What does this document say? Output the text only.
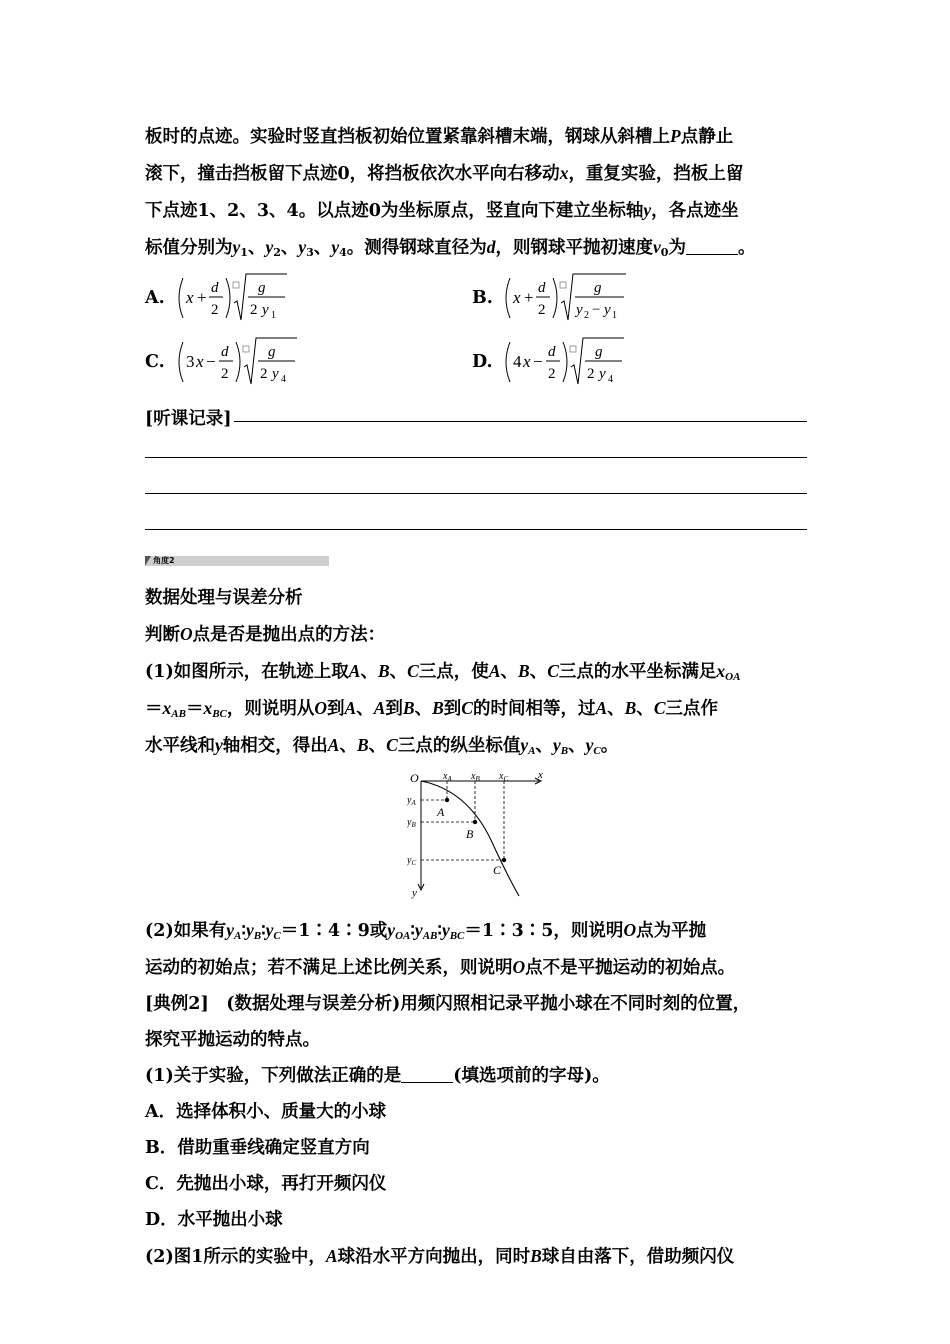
板时的点迹。实验时竖直挡板初始位置紧靠斜槽末端，钢球从斜槽上P点静止

滚下，撞击挡板留下点迹0，将挡板依次水平向右移动x，重复实验，挡板上留

下点迹1、2、3、4。以点迹0为坐标原点，竖直向下建立坐标轴y，各点迹坐

标值分别为$y_1$、$y_2$、$y_3$、$y_4$。测得钢球直径为d，则钢球平抛初速度$v_0$为	。

A.	x + d
2
g
2 y 1
B.	x + d
2
g
y 2 − y 1
C.	3 x − d
2
g
2 y 4
D.	4 x − d
2
g
2 y 4
[听课记录]
角度2

数据处理与误差分析

判断O点是否是抛出点的方法：

(1)如图所示，在轨迹上取A、B、C三点，使A、B、C三点的水平坐标满足$x_{OA}$

$=x_{AB}=x_{BC}$，则说明从O到A、A到B、B到C的时间相等，过A、B、C三点作

水平线和y轴相交，得出A、B、C三点的纵坐标值$y_A$、$y_B$、$y_C$。

O	x
y
$x_A$ $x_B$ $x_C$
$y_A$
$y_B$
$y_C$
A
B
C

(2)如果有$y_A∶y_B∶y_C=1∶4∶9$或$y_{OA}∶y_{AB}∶y_{BC}=1∶3∶5$，则说明O点为平抛

运动的初始点；若不满足上述比例关系，则说明O点不是平抛运动的初始点。

[典例2]　 (数据处理与误差分析)用频闪照相记录平抛小球在不同时刻的位置，

探究平抛运动的特点。

(1)关于实验，下列做法正确的是	(填选项前的字母)。

A．选择体积小、质量大的小球

B．借助重垂线确定竖直方向

C．先抛出小球，再打开频闪仪

D．水平抛出小球

(2)图1所示的实验中，A球沿水平方向抛出，同时B球自由落下，借助频闪仪
